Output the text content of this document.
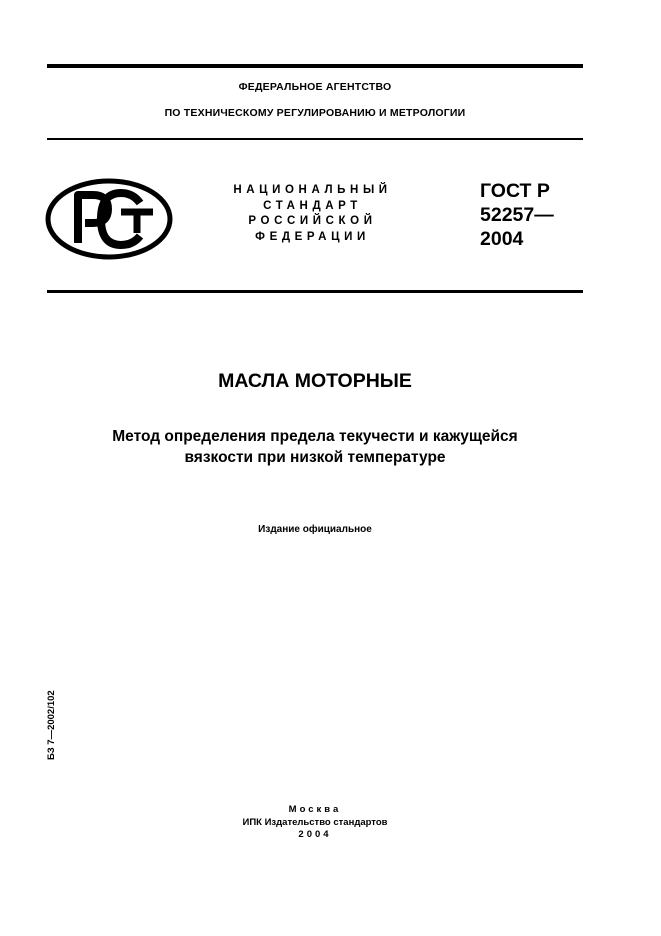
ФЕДЕРАЛЬНОЕ АГЕНТСТВО
ПО ТЕХНИЧЕСКОМУ РЕГУЛИРОВАНИЮ И МЕТРОЛОГИИ
НАЦИОНАЛЬНЫЙ
СТАНДАРТ
РОССИЙСКОЙ
ФЕДЕРАЦИИ
ГОСТ Р
52257—
2004
МАСЛА МОТОРНЫЕ
Метод определения предела текучести и кажущейся
вязкости при низкой температуре
Издание официальное
БЗ 7—2002/102
Москва
ИПК Издательство стандартов
2004
